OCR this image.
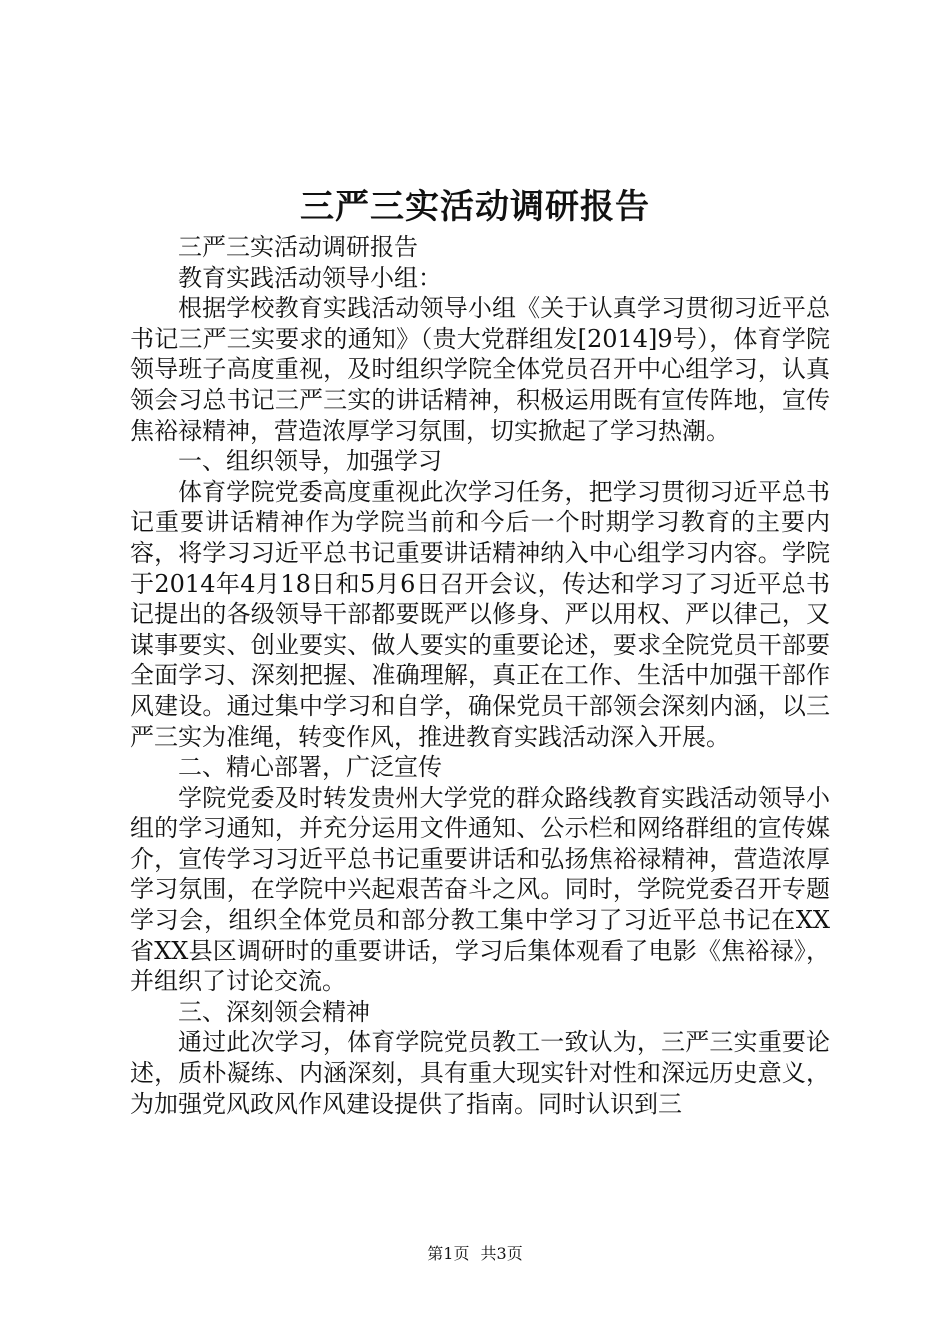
三严三实活动调研报告

三严三实活动调研报告

教育实践活动领导小组：

根据学校教育实践活动领导小组《关于认真学习贯彻习近平总书记三严三实要求的通知》（贵大党群组发[2014]9号），体育学院领导班子高度重视，及时组织学院全体党员召开中心组学习，认真领会习总书记三严三实的讲话精神，积极运用既有宣传阵地，宣传焦裕禄精神，营造浓厚学习氛围，切实掀起了学习热潮。

一、组织领导，加强学习

体育学院党委高度重视此次学习任务，把学习贯彻习近平总书记重要讲话精神作为学院当前和今后一个时期学习教育的主要内容，将学习习近平总书记重要讲话精神纳入中心组学习内容。学院于2014年4月18日和5月6日召开会议，传达和学习了习近平总书记提出的各级领导干部都要既严以修身、严以用权、严以律己，又谋事要实、创业要实、做人要实的重要论述，要求全院党员干部要全面学习、深刻把握、准确理解，真正在工作、生活中加强干部作风建设。通过集中学习和自学，确保党员干部领会深刻内涵，以三严三实为准绳，转变作风，推进教育实践活动深入开展。

二、精心部署，广泛宣传

学院党委及时转发贵州大学党的群众路线教育实践活动领导小组的学习通知，并充分运用文件通知、公示栏和网络群组的宣传媒介，宣传学习习近平总书记重要讲话和弘扬焦裕禄精神，营造浓厚学习氛围，在学院中兴起艰苦奋斗之风。同时，学院党委召开专题学习会，组织全体党员和部分教工集中学习了习近平总书记在XX省XX县区调研时的重要讲话，学习后集体观看了电影《焦裕禄》，并组织了讨论交流。

三、深刻领会精神

通过此次学习，体育学院党员教工一致认为，三严三实重要论述，质朴凝练、内涵深刻，具有重大现实针对性和深远历史意义，为加强党风政风作风建设提供了指南。同时认识到三

第1页 共3页
